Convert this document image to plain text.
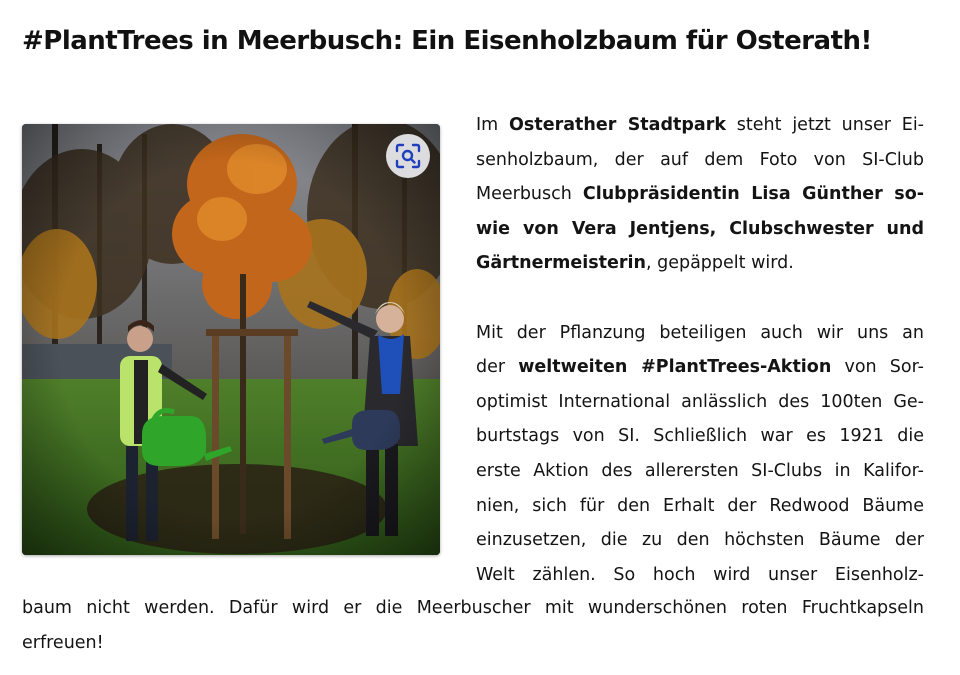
#PlantTrees in Meerbusch: Ein Eisenholzbaum für Osterath!
Im Osterather Stadtpark steht jetzt unser Ei-
senholzbaum, der auf dem Foto von SI-Club
Meerbusch Clubpräsidentin Lisa Günther so-
wie von Vera Jentjens, Clubschwester und
Gärtnermeisterin, gepäppelt wird.
Mit der Pflanzung beteiligen auch wir uns an
der weltweiten #PlantTrees-Aktion von Sor-
optimist International anlässlich des 100ten Ge-
burtstags von SI. Schließlich war es 1921 die
erste Aktion des allerersten SI-Clubs in Kalifor-
nien, sich für den Erhalt der Redwood Bäume
einzusetzen, die zu den höchsten Bäume der
Welt zählen. So hoch wird unser Eisenholz-
baum nicht werden. Dafür wird er die Meerbuscher mit wunderschönen roten Fruchtkapseln
erfreuen!
